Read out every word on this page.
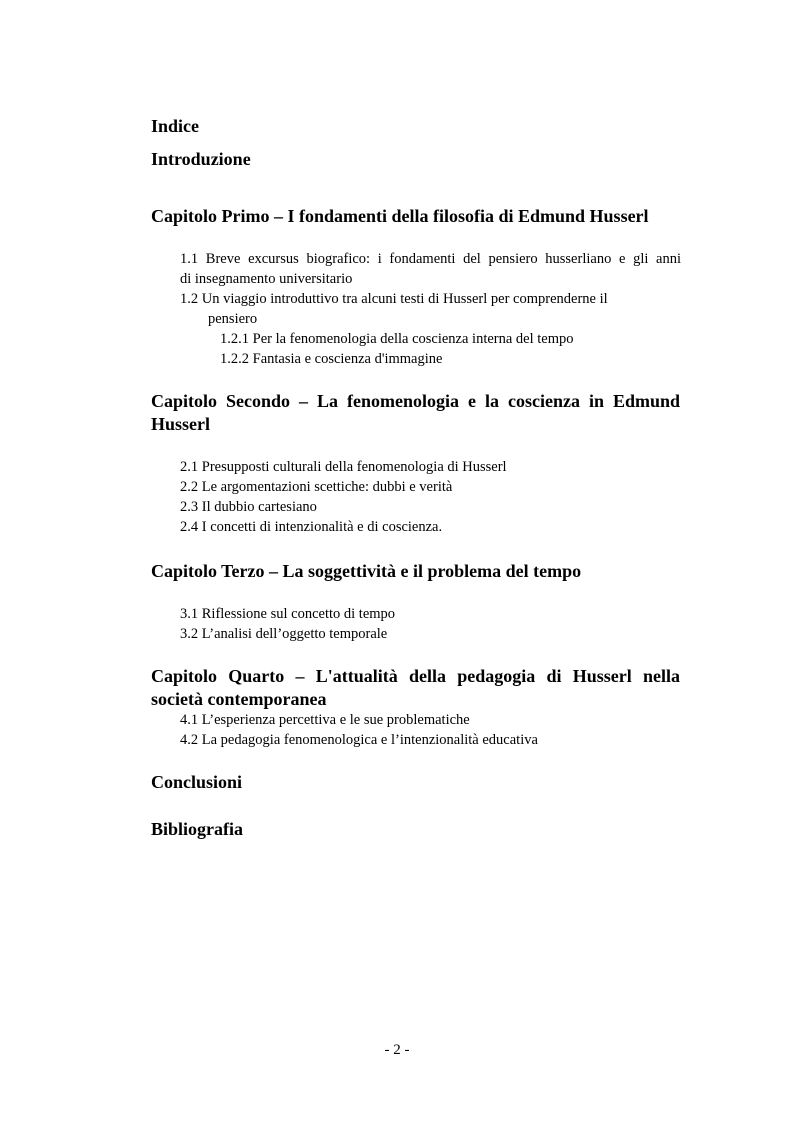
Indice
Introduzione
Capitolo Primo – I fondamenti della filosofia di Edmund Husserl
1.1 Breve excursus biografico: i fondamenti del pensiero husserliano e gli anni
di insegnamento universitario
1.2 Un viaggio introduttivo tra alcuni testi di Husserl per comprenderne il
pensiero
1.2.1 Per la fenomenologia della coscienza interna del tempo
1.2.2 Fantasia e coscienza d'immagine
Capitolo Secondo – La fenomenologia e la coscienza in Edmund
Husserl
2.1 Presupposti culturali della fenomenologia di Husserl
2.2 Le argomentazioni scettiche: dubbi e verità
2.3 Il dubbio cartesiano
2.4 I concetti di intenzionalità e di coscienza.
Capitolo Terzo – La soggettività e il problema del tempo
3.1 Riflessione sul concetto di tempo
3.2 L’analisi dell’oggetto temporale
Capitolo Quarto – L'attualità della pedagogia di Husserl nella
società contemporanea
4.1 L’esperienza percettiva e le sue problematiche
4.2 La pedagogia fenomenologica e l’intenzionalità educativa
Conclusioni
Bibliografia
- 2 -
